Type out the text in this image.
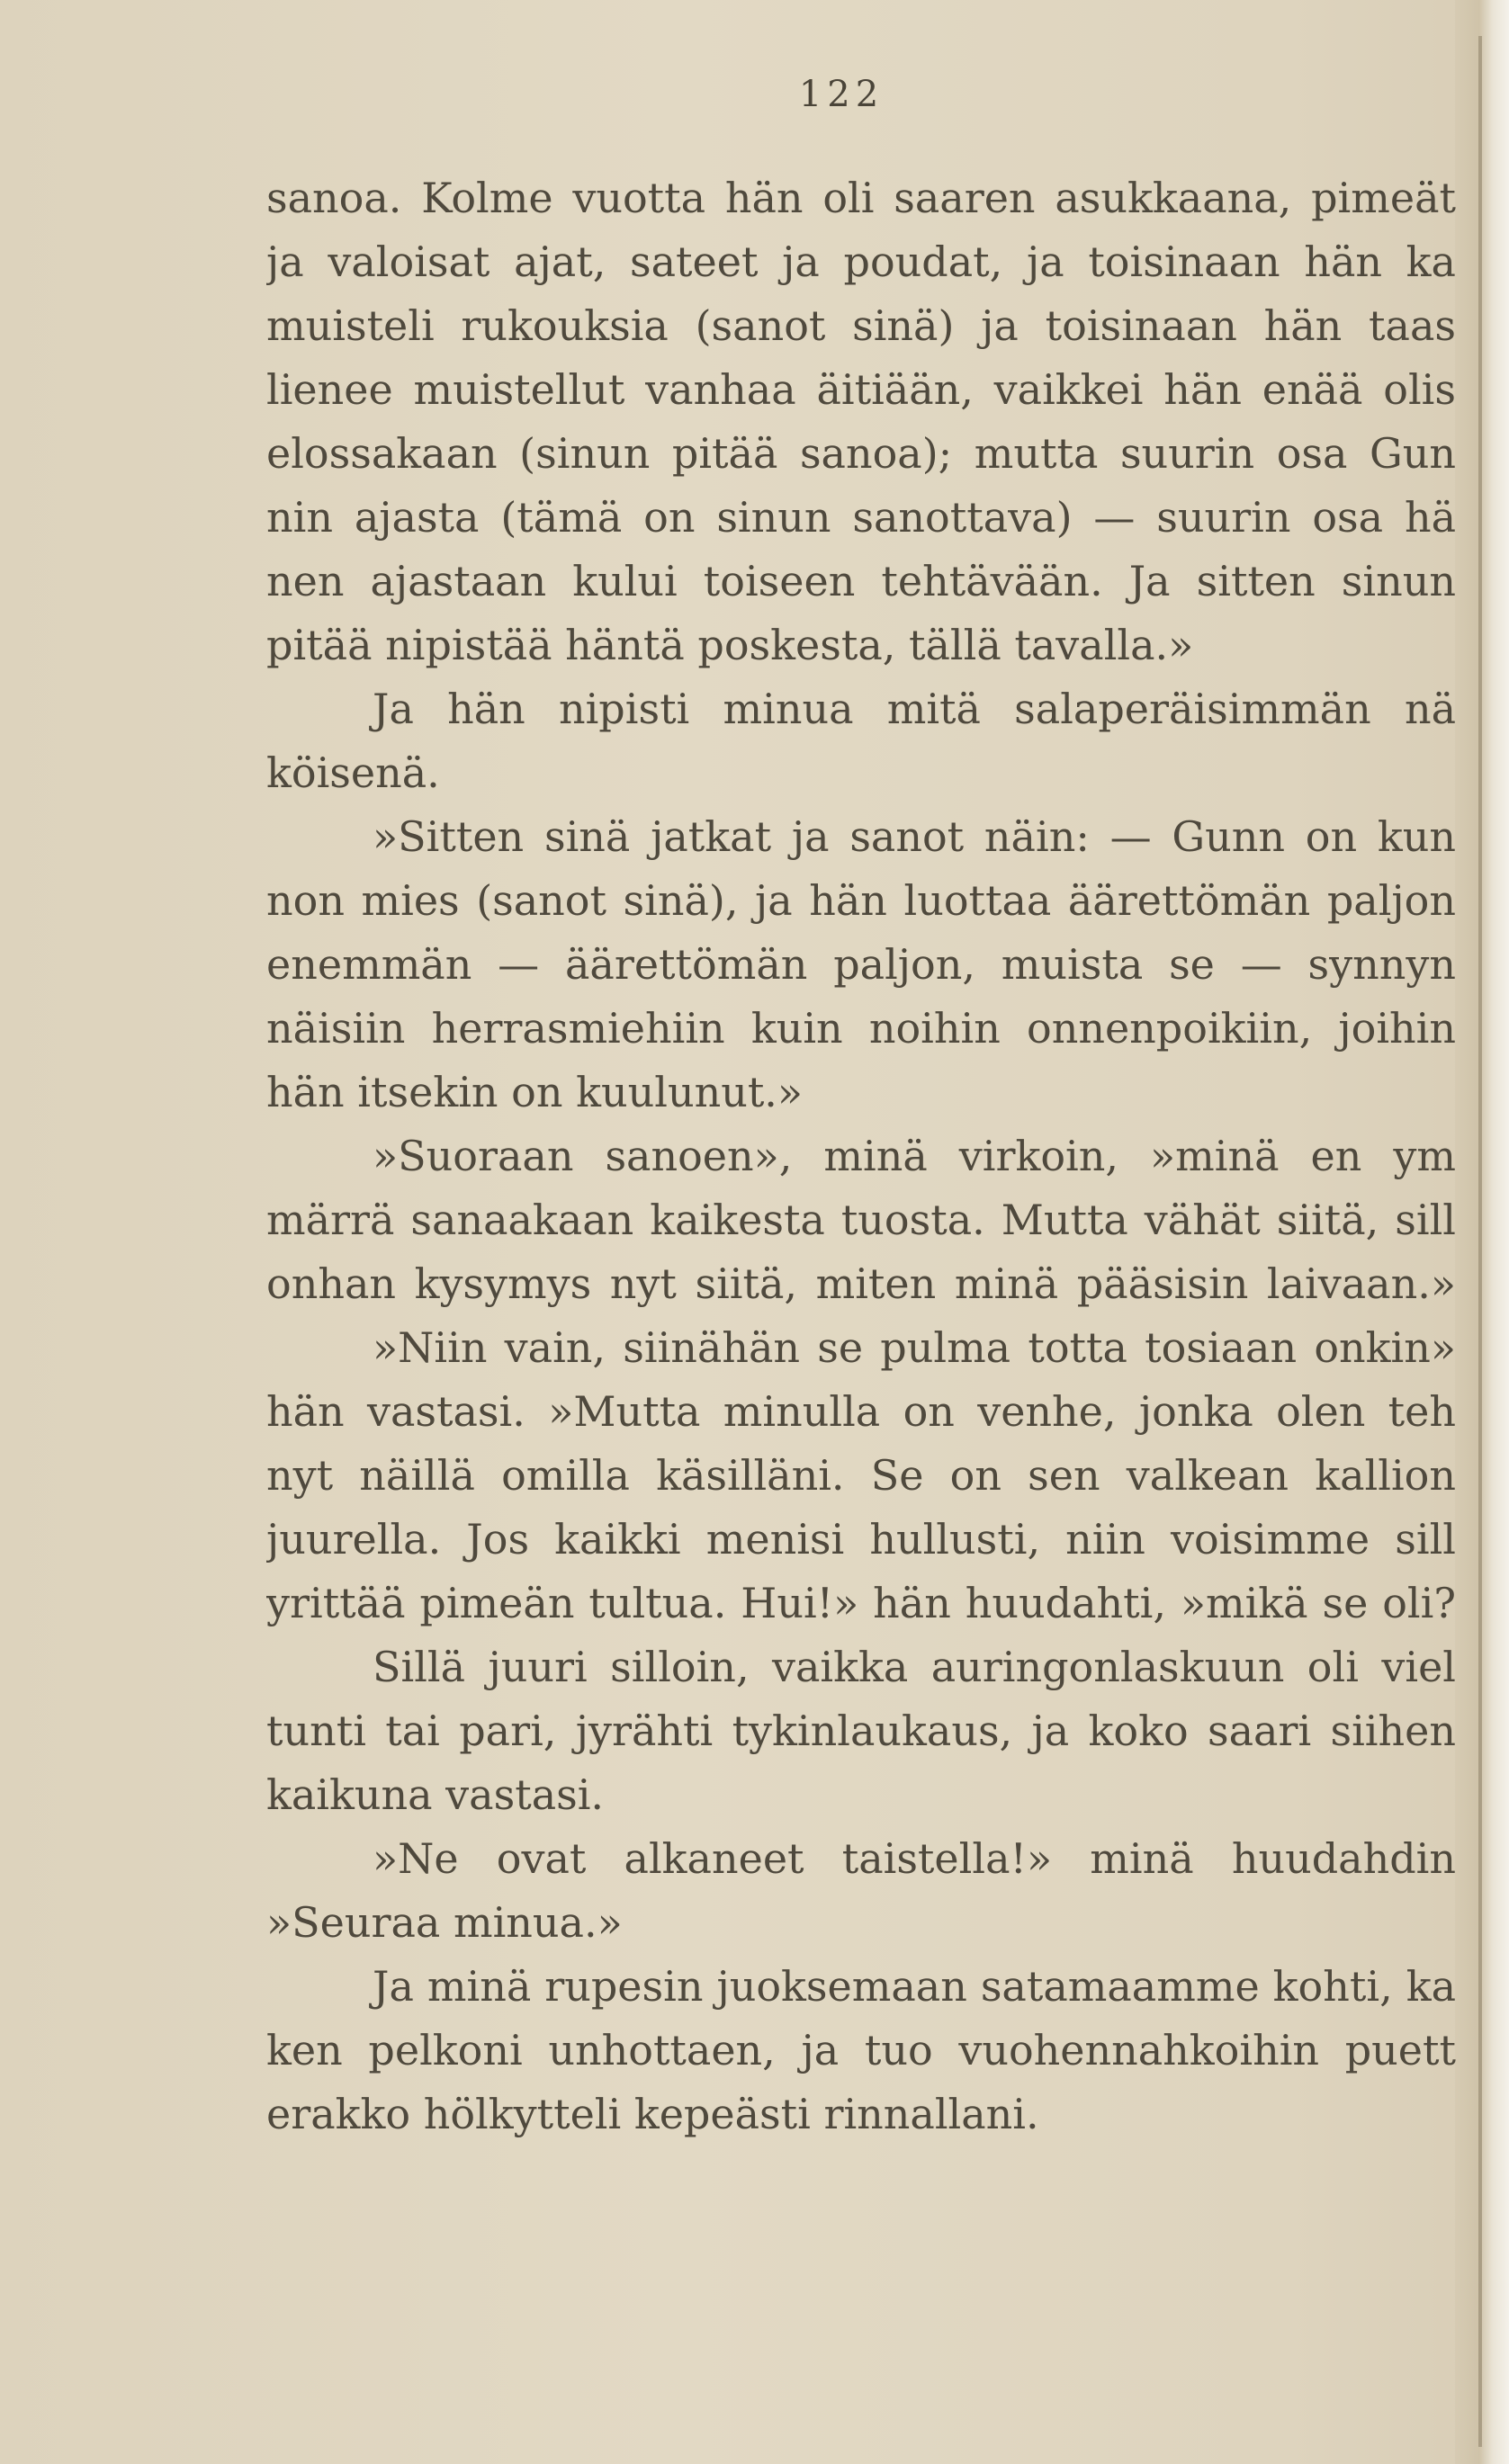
122
sanoa. Kolme vuotta hän oli saaren asukkaana, pimeät
ja valoisat ajat, sateet ja poudat, ja toisinaan hän ka
muisteli rukouksia (sanot sinä) ja toisinaan hän taas
lienee muistellut vanhaa äitiään, vaikkei hän enää olis
elossakaan (sinun pitää sanoa); mutta suurin osa Gun
nin ajasta (tämä on sinun sanottava) — suurin osa hä
nen ajastaan kului toiseen tehtävään. Ja sitten sinun
pitää nipistää häntä poskesta, tällä tavalla.»
Ja hän nipisti minua mitä salaperäisimmän nä
köisenä.
»Sitten sinä jatkat ja sanot näin: — Gunn on kun
non mies (sanot sinä), ja hän luottaa äärettömän paljon
enemmän — äärettömän paljon, muista se — synnyn
näisiin herrasmiehiin kuin noihin onnenpoikiin, joihin
hän itsekin on kuulunut.»
»Suoraan sanoen», minä virkoin, »minä en ym
märrä sanaakaan kaikesta tuosta. Mutta vähät siitä, sill
onhan kysymys nyt siitä, miten minä pääsisin laivaan.»
»Niin vain, siinähän se pulma totta tosiaan onkin»
hän vastasi. »Mutta minulla on venhe, jonka olen teh
nyt näillä omilla käsilläni. Se on sen valkean kallion
juurella. Jos kaikki menisi hullusti, niin voisimme sill
yrittää pimeän tultua. Hui!» hän huudahti, »mikä se oli?
Sillä juuri silloin, vaikka auringonlaskuun oli viel
tunti tai pari, jyrähti tykinlaukaus, ja koko saari siihen
kaikuna vastasi.
»Ne ovat alkaneet taistella!» minä huudahdin
»Seuraa minua.»
Ja minä rupesin juoksemaan satamaamme kohti, ka
ken pelkoni unhottaen, ja tuo vuohennahkoihin puett
erakko hölkytteli kepeästi rinnallani.
